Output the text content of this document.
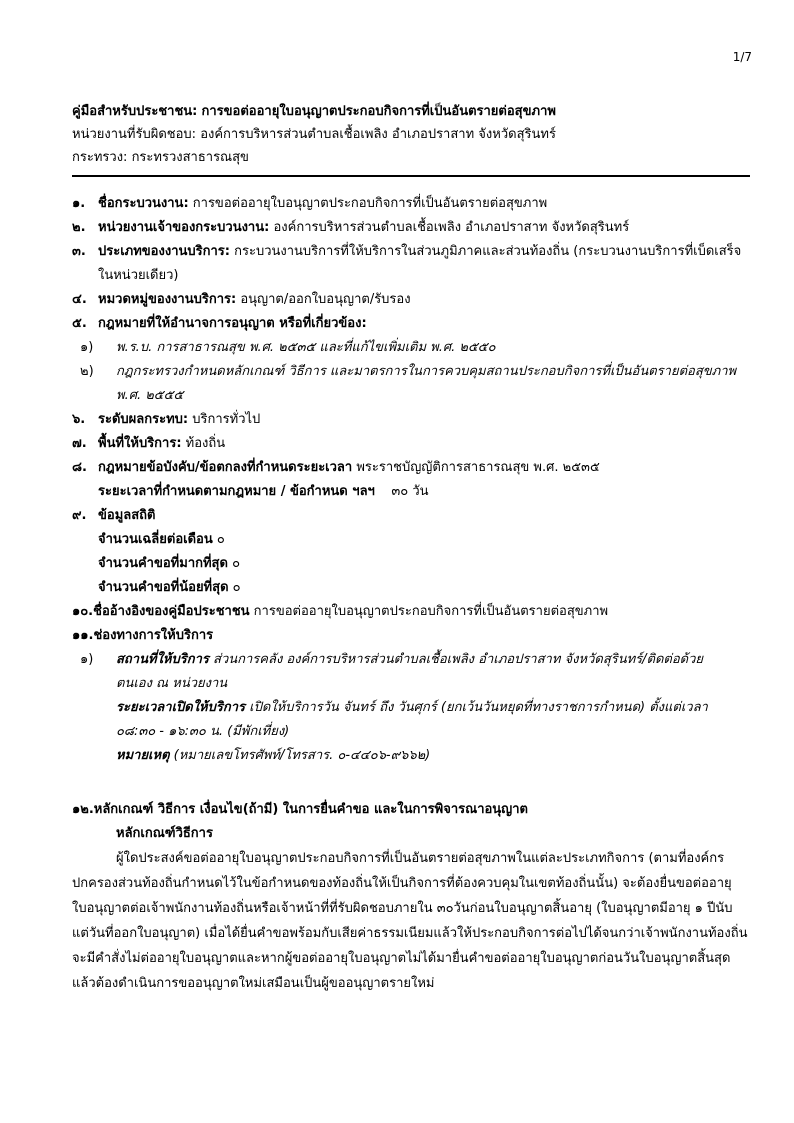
1/7
คู่มือสำหรับประชาชน: การขอต่ออายุใบอนุญาตประกอบกิจการที่เป็นอันตรายต่อสุขภาพ
หน่วยงานที่รับผิดชอบ: องค์การบริหารส่วนตำบลเชื้อเพลิง อำเภอปราสาท จังหวัดสุรินทร์
กระทรวง: กระทรวงสาธารณสุข
๑. ชื่อกระบวนงาน: การขอต่ออายุใบอนุญาตประกอบกิจการที่เป็นอันตรายต่อสุขภาพ
๒. หน่วยงานเจ้าของกระบวนงาน: องค์การบริหารส่วนตำบลเชื้อเพลิง อำเภอปราสาท จังหวัดสุรินทร์
๓. ประเภทของงานบริการ: กระบวนงานบริการที่ให้บริการในส่วนภูมิภาคและส่วนท้องถิ่น (กระบวนงานบริการที่เบ็ดเสร็จ
ในหน่วยเดียว)
๔. หมวดหมู่ของงานบริการ: อนุญาต/ออกใบอนุญาต/รับรอง
๕. กฎหมายที่ให้อำนาจการอนุญาต หรือที่เกี่ยวข้อง:
๑) พ.ร.บ. การสาธารณสุข พ.ศ. ๒๕๓๕ และที่แก้ไขเพิ่มเติม พ.ศ. ๒๕๕๐
๒) กฎกระทรวงกำหนดหลักเกณฑ์ วิธีการ และมาตรการในการควบคุมสถานประกอบกิจการที่เป็นอันตรายต่อสุขภาพ
พ.ศ. ๒๕๕๕
๖. ระดับผลกระทบ: บริการทั่วไป
๗. พื้นที่ให้บริการ: ท้องถิ่น
๘. กฎหมายข้อบังคับ/ข้อตกลงที่กำหนดระยะเวลา พระราชบัญญัติการสาธารณสุข พ.ศ. ๒๕๓๕
ระยะเวลาที่กำหนดตามกฎหมาย / ข้อกำหนด ฯลฯ ๓๐ วัน
๙. ข้อมูลสถิติ
จำนวนเฉลี่ยต่อเดือน ๐
จำนวนคำขอที่มากที่สุด ๐
จำนวนคำขอที่น้อยที่สุด ๐
๑๐.ชื่ออ้างอิงของคู่มือประชาชน การขอต่ออายุใบอนุญาตประกอบกิจการที่เป็นอันตรายต่อสุขภาพ
๑๑.ช่องทางการให้บริการ
๑) สถานที่ให้บริการ ส่วนการคลัง องค์การบริหารส่วนตำบลเชื้อเพลิง อำเภอปราสาท จังหวัดสุรินทร์/ติดต่อด้วย
ตนเอง ณ หน่วยงาน
ระยะเวลาเปิดให้บริการ เปิดให้บริการวัน จันทร์ ถึง วันศุกร์ (ยกเว้นวันหยุดที่ทางราชการกำหนด) ตั้งแต่เวลา
๐๘:๓๐ - ๑๖:๓๐ น. (มีพักเที่ยง)
หมายเหตุ (หมายเลขโทรศัพท์/โทรสาร. ๐-๔๔๐๖-๙๖๖๒)
๑๒.หลักเกณฑ์ วิธีการ เงื่อนไข(ถ้ามี) ในการยื่นคำขอ และในการพิจารณาอนุญาต
หลักเกณฑ์วิธีการ

ผู้ใดประสงค์ขอต่ออายุใบอนุญาตประกอบกิจการที่เป็นอันตรายต่อสุขภาพในแต่ละประเภทกิจการ (ตามที่องค์กร

ปกครองส่วนท้องถิ่นกำหนดไว้ในข้อกำหนดของท้องถิ่นให้เป็นกิจการที่ต้องควบคุมในเขตท้องถิ่นนั้น) จะต้องยื่นขอต่ออายุ

ใบอนุญาตต่อเจ้าพนักงานท้องถิ่นหรือเจ้าหน้าที่ที่รับผิดชอบภายใน ๓๐วันก่อนใบอนุญาตสิ้นอายุ (ใบอนุญาตมีอายุ ๑ ปีนับ

แต่วันที่ออกใบอนุญาต) เมื่อได้ยื่นคำขอพร้อมกับเสียค่าธรรมเนียมแล้วให้ประกอบกิจการต่อไปได้จนกว่าเจ้าพนักงานท้องถิ่น

จะมีคำสั่งไม่ต่ออายุใบอนุญาตและหากผู้ขอต่ออายุใบอนุญาตไม่ได้มายื่นคำขอต่ออายุใบอนุญาตก่อนวันใบอนุญาตสิ้นสุด

แล้วต้องดำเนินการขออนุญาตใหม่เสมือนเป็นผู้ขออนุญาตรายใหม่
